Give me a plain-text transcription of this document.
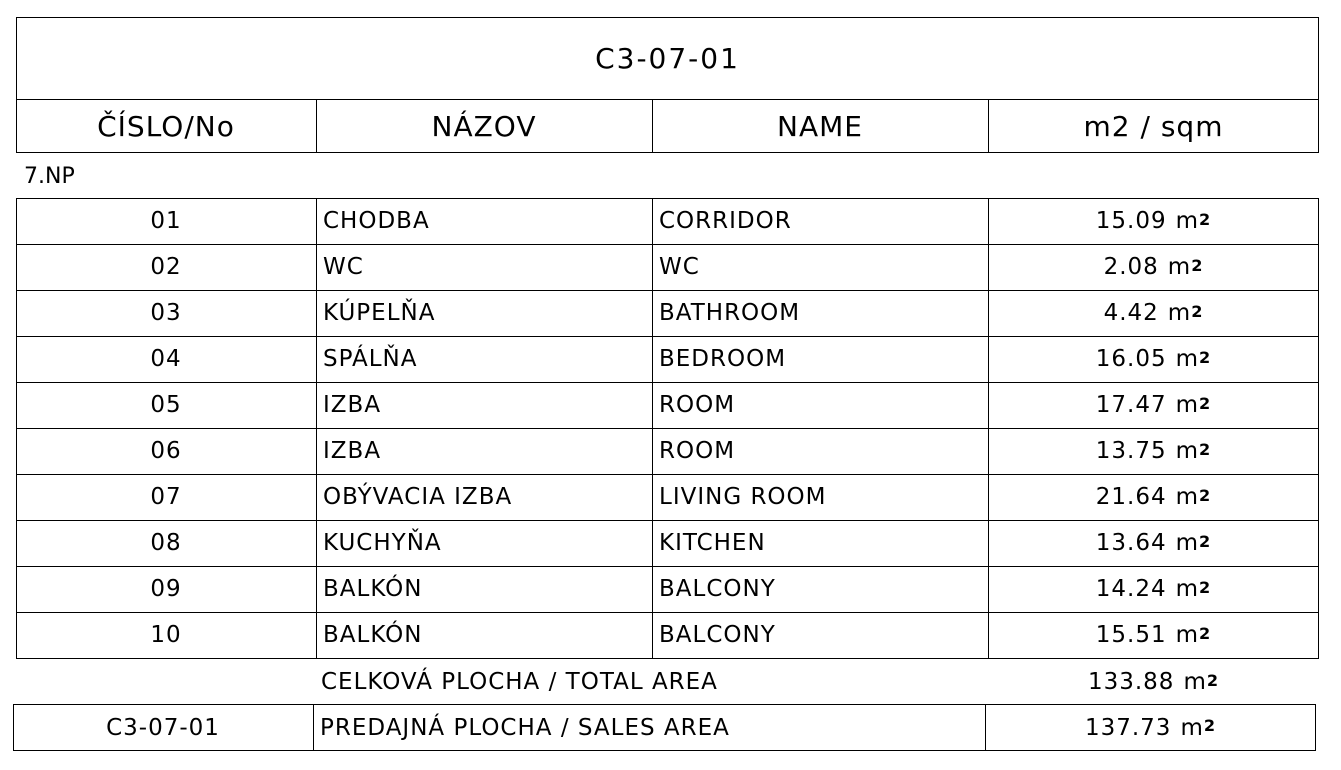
C3-07-01
ČÍSLO/No	NÁZOV	NAME	m2 / sqm
7.NP
01	CHODBA	CORRIDOR	15.09 $m^2$
02	WC	WC	2.08 $m^2$
03	KÚPELŇA	BATHROOM	4.42 $m^2$
04	SPÁLŇA	BEDROOM	16.05 $m^2$
05	IZBA	ROOM	17.47 $m^2$
06	IZBA	ROOM	13.75 $m^2$
07	OBÝVACIA IZBA	LIVING ROOM	21.64 $m^2$
08	KUCHYŇA	KITCHEN	13.64 $m^2$
09	BALKÓN	BALCONY	14.24 $m^2$
10	BALKÓN	BALCONY	15.51 $m^2$
CELKOVÁ PLOCHA / TOTAL AREA	133.88 $m^2$
C3-07-01	PREDAJNÁ PLOCHA / SALES AREA	137.73 $m^2$
